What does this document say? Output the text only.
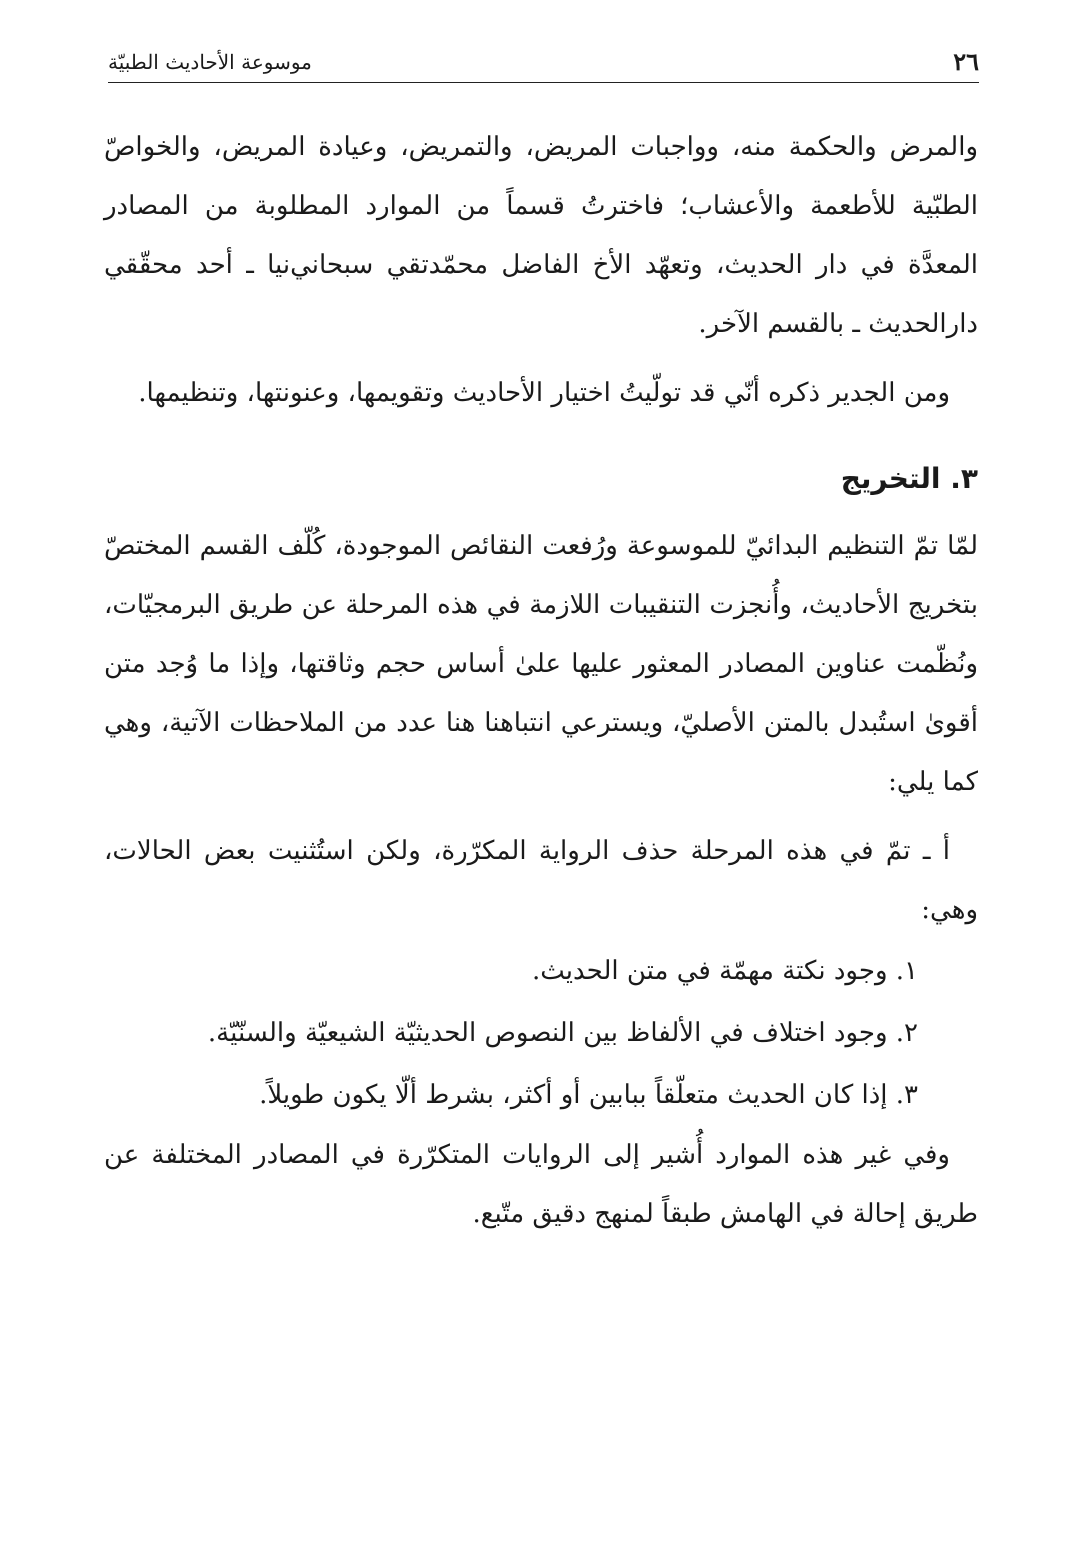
٢٦
موسوعة الأحاديث الطبيّة

والمرض والحكمة منه، وواجبات المريض، والتمريض، وعيادة المريض، والخواصّ الطبّية للأطعمة والأعشاب؛ فاخترتُ قسماً من الموارد المطلوبة من المصادر المعدَّة في دار الحديث، وتعهّد الأخ الفاضل محمّدتقي سبحاني‌نيا ـ أحد محقّقي دارالحديث ـ بالقسم الآخر.

ومن الجدير ذكره أنّي قد تولّيتُ اختيار الأحاديث وتقويمها، وعنونتها، وتنظيمها.

٣. التخريج

لمّا تمّ التنظيم البدائيّ للموسوعة ورُفعت النقائص الموجودة، كُلّف القسم المختصّ بتخريج الأحاديث، وأُنجزت التنقيبات اللازمة في هذه المرحلة عن طريق البرمجيّات، ونُظّمت عناوين المصادر المعثور عليها علىٰ أساس حجم وثاقتها، وإذا ما وُجد متن أقوىٰ استُبدل بالمتن الأصليّ، ويسترعي انتباهنا هنا عدد من الملاحظات الآتية، وهي كما يلي:

أ ـ تمّ في هذه المرحلة حذف الرواية المكرّرة، ولكن استُثنيت بعض الحالات، وهي:

١. وجود نكتة مهمّة في متن الحديث.
٢. وجود اختلاف في الألفاظ بين النصوص الحديثيّة الشيعيّة والسنّيّة.
٣. إذا كان الحديث متعلّقاً ببابين أو أكثر، بشرط ألّا يكون طويلاً.

وفي غير هذه الموارد أُشير إلى الروايات المتكرّرة في المصادر المختلفة عن طريق إحالة في الهامش طبقاً لمنهج دقيق متّبع.
